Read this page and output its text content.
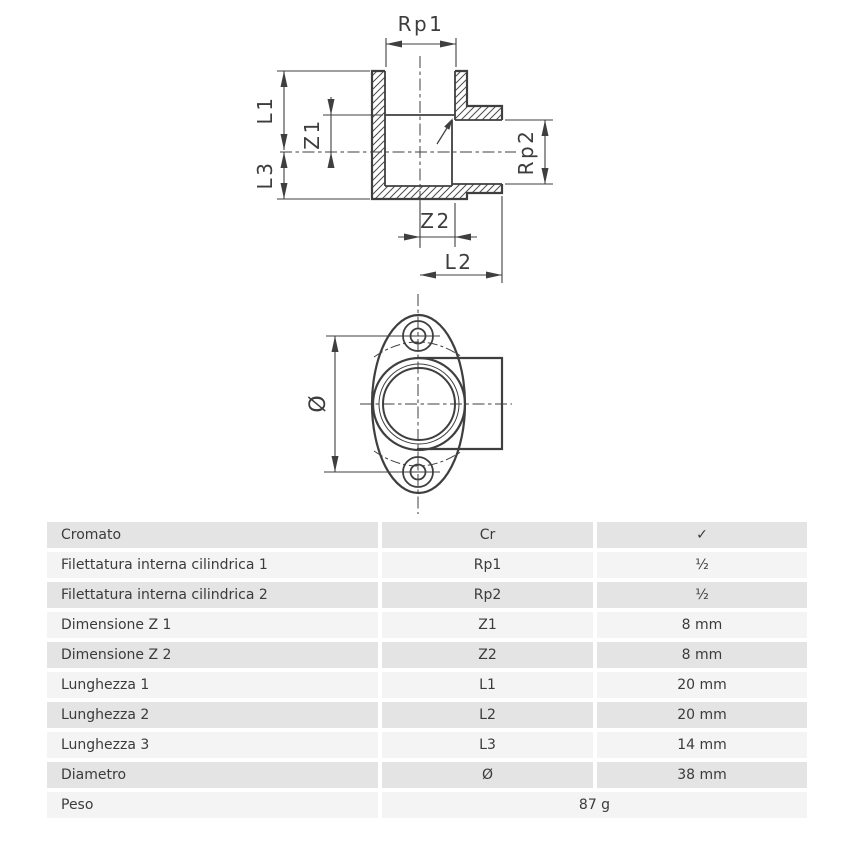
Rp1
L1
Z1
L3	Rp2
Z2
L2
Ø
Cromato	Cr	✓
Filettatura interna cilindrica 1	Rp1	½
Filettatura interna cilindrica 2	Rp2	½
Dimensione Z 1	Z1	8 mm
Dimensione Z 2	Z2	8 mm
Lunghezza 1	L1	20 mm
Lunghezza 2	L2	20 mm
Lunghezza 3	L3	14 mm
Diametro	Ø	38 mm
Peso	87 g
